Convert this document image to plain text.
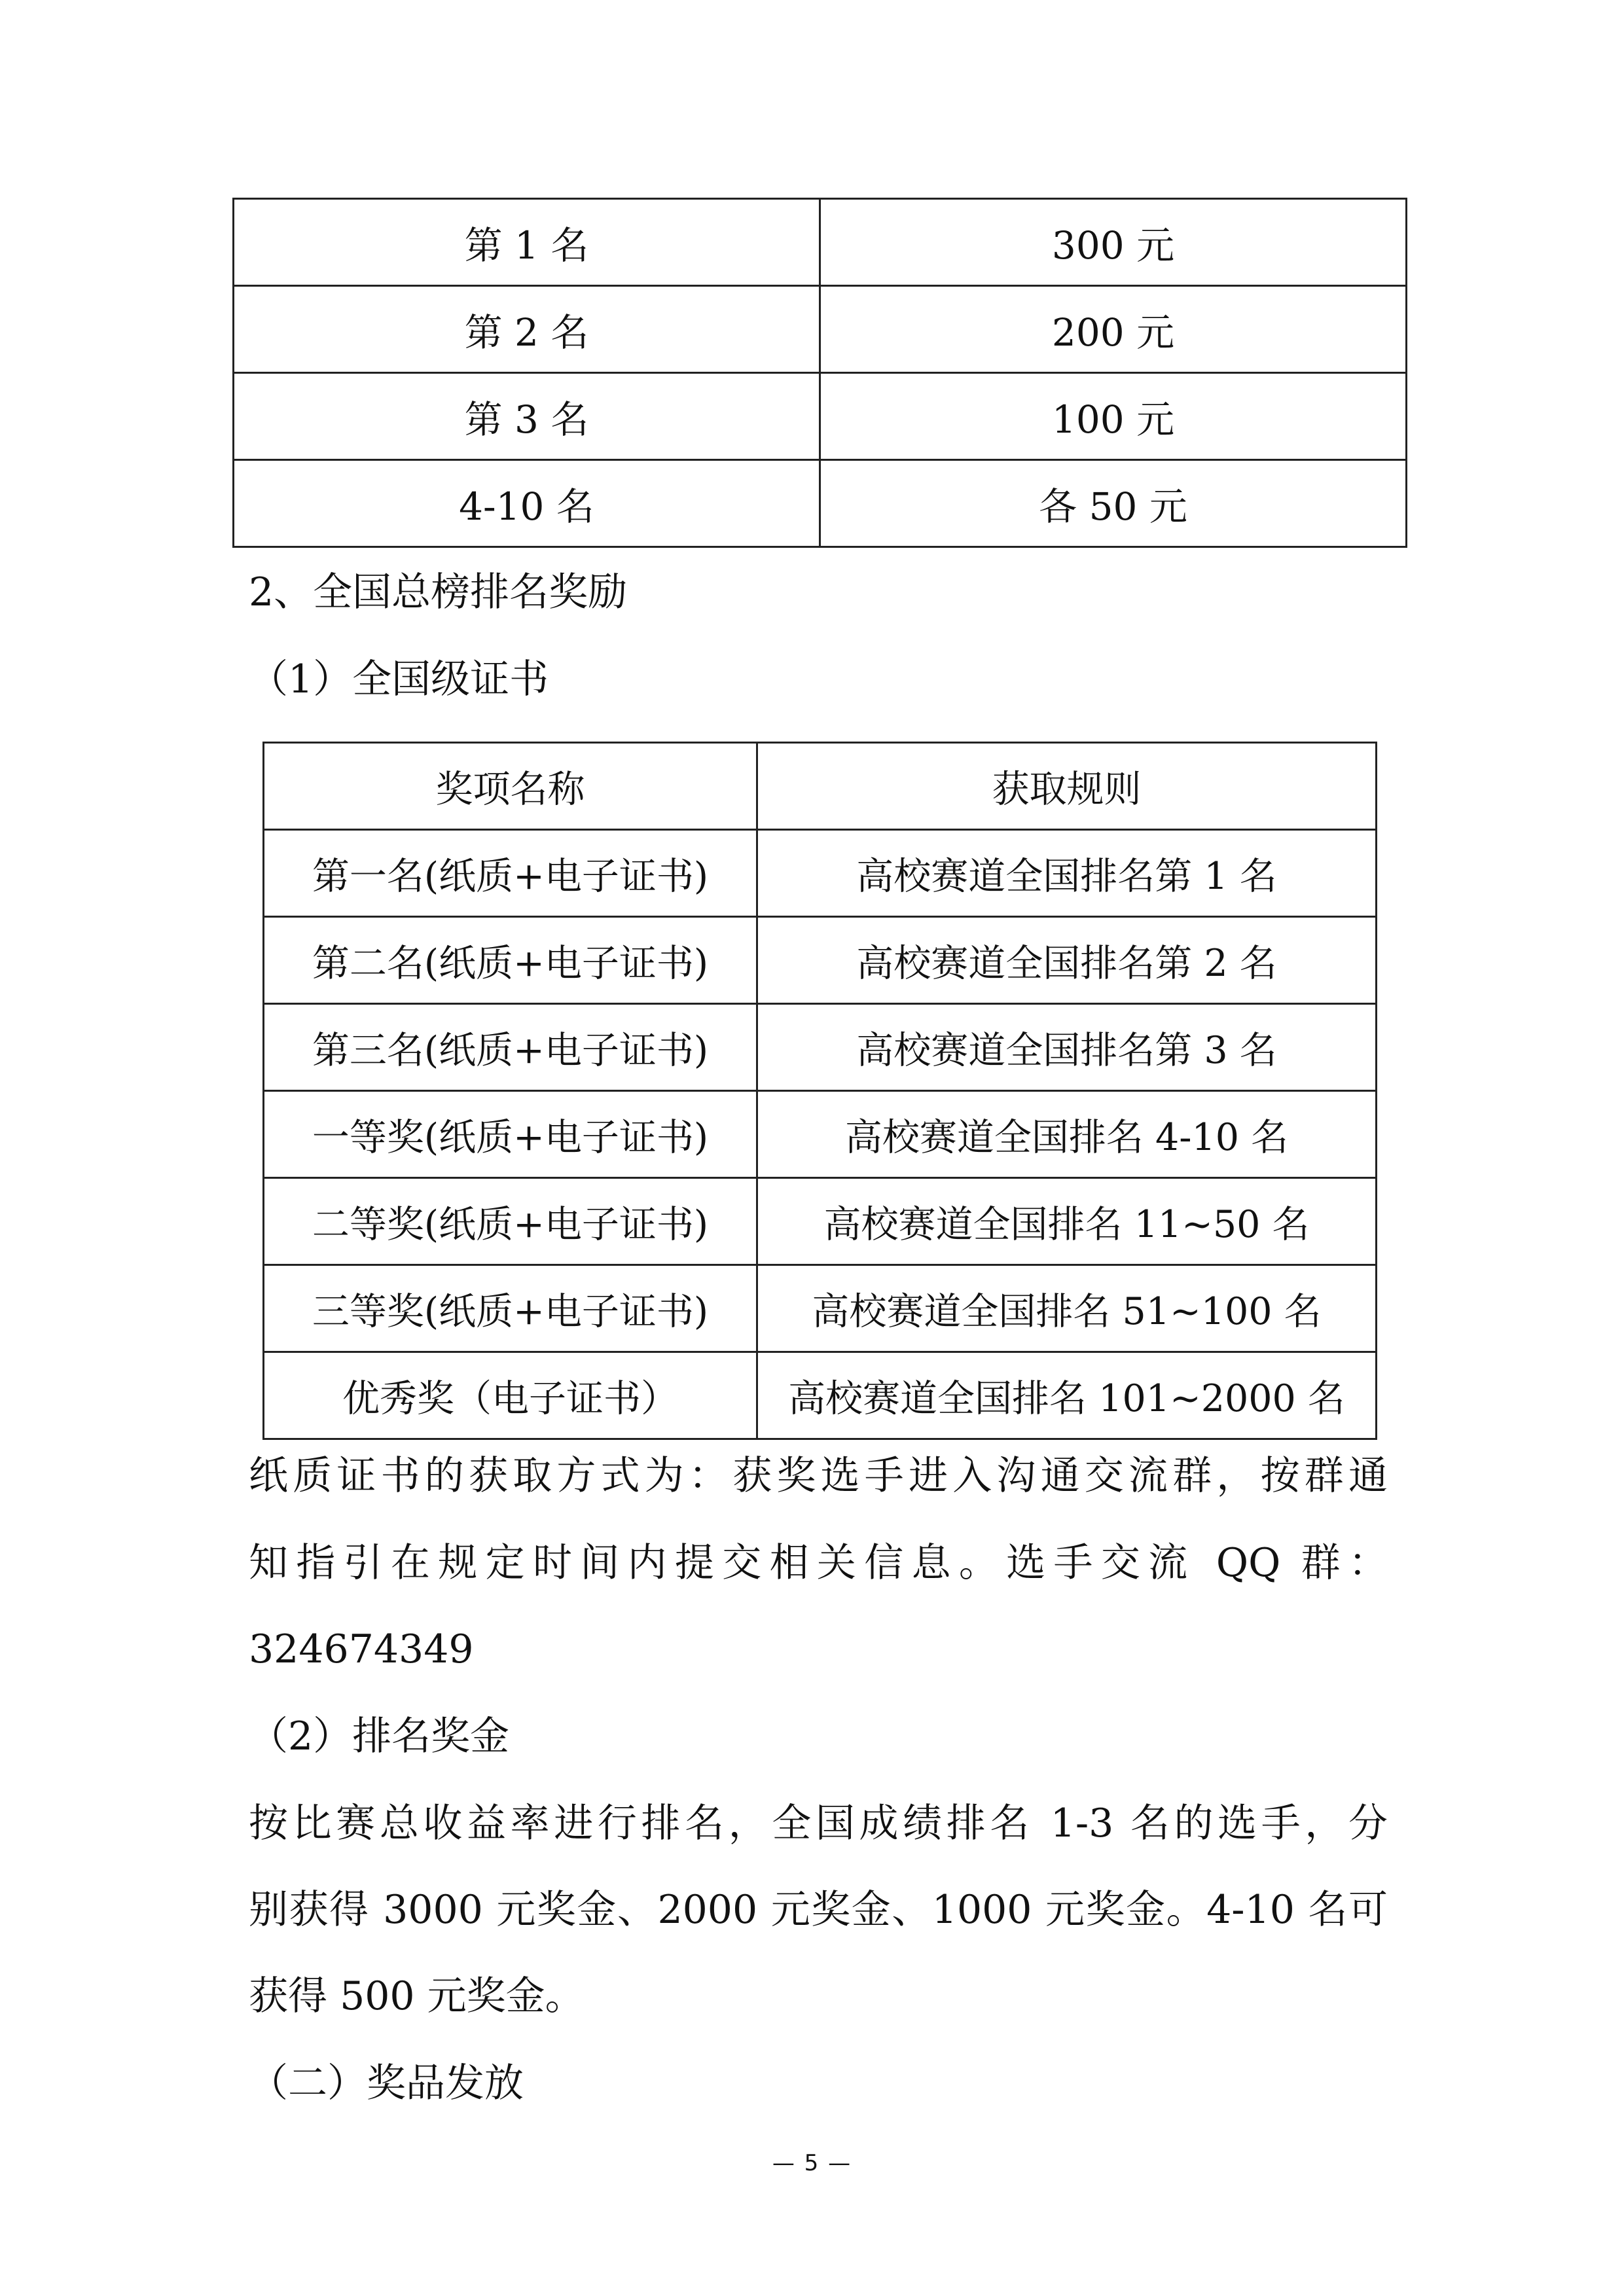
第 1 名	300 元
第 2 名	200 元
第 3 名	100 元
4-10 名	各 50 元
2、全国总榜排名奖励
（1）全国级证书
奖项名称	获取规则
第一名(纸质+电子证书)	高校赛道全国排名第 1 名
第二名(纸质+电子证书)	高校赛道全国排名第 2 名
第三名(纸质+电子证书)	高校赛道全国排名第 3 名
一等奖(纸质+电子证书)	高校赛道全国排名 4-10 名
二等奖(纸质+电子证书)	高校赛道全国排名 11~50 名
三等奖(纸质+电子证书)	高校赛道全国排名 51~100 名
优秀奖（电子证书）	高校赛道全国排名 101~2000 名
纸质证书的获取方式为：获奖选手进入沟通交流群，按群通
知指引在规定时间内提交相关信息。选手交流 QQ 群：
324674349
（2）排名奖金
按比赛总收益率进行排名，全国成绩排名 1-3 名的选手，分
别获得 3000 元奖金、2000 元奖金、1000 元奖金。4-10 名可
获得 500 元奖金。
（二）奖品发放
— 5 —
